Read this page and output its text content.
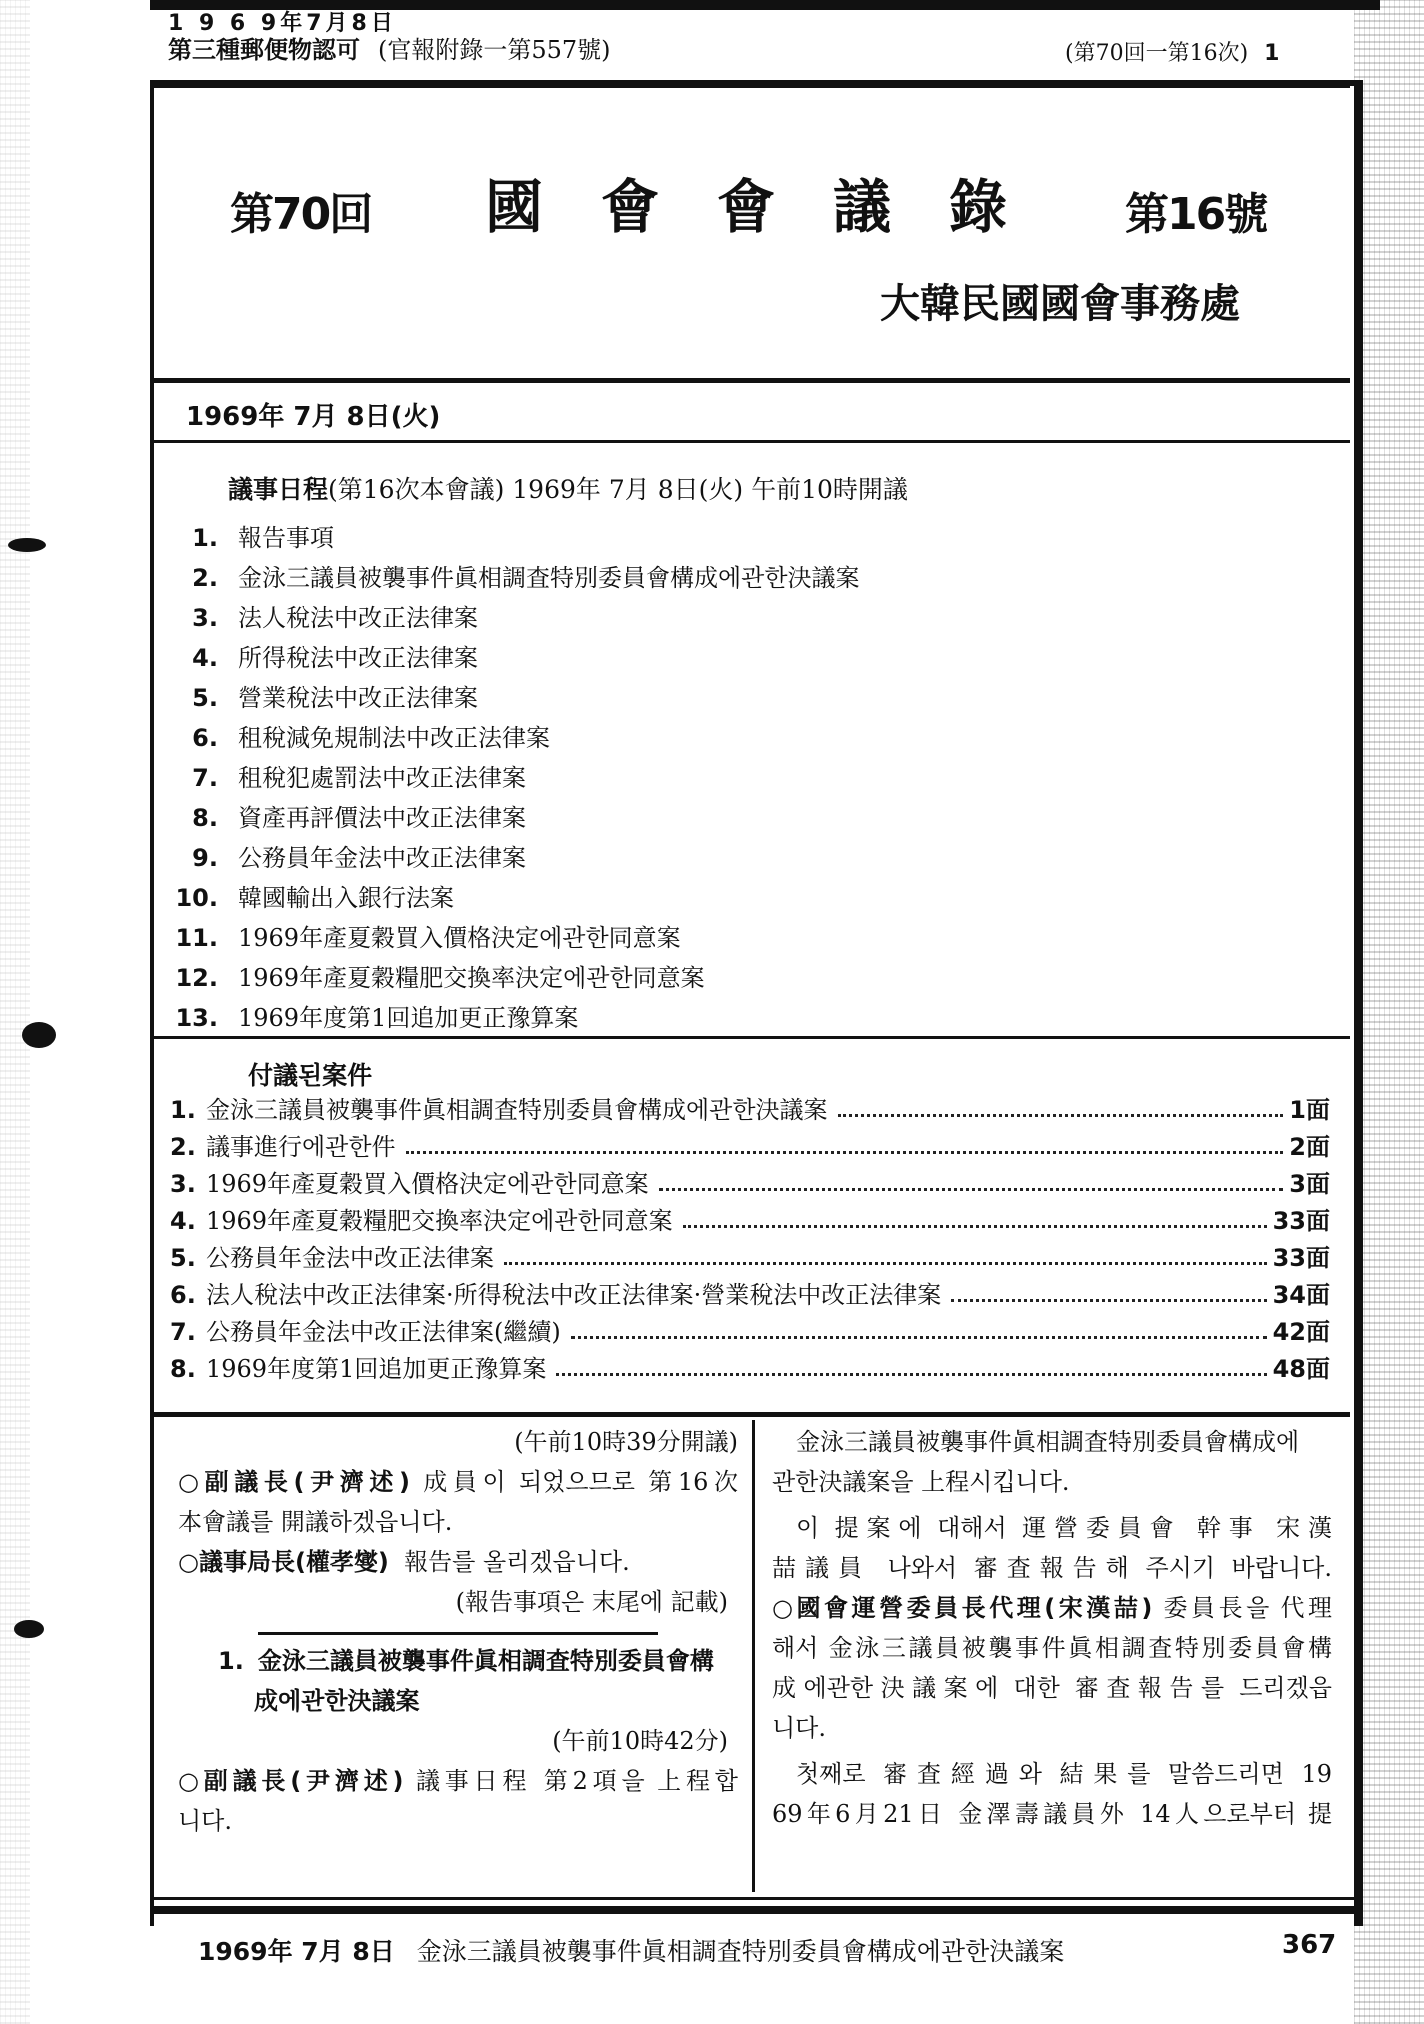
1 9 6 9年7月8日
第三種郵便物認可 (官報附錄一第557號)	(第70回一第16次) 1
第70回 國會會議錄 第16號
大韓民國國會事務處
1969年 7月 8日(火)
議事日程(第16次本會議) 1969年 7月 8日(火) 午前10時開議
1. 報告事項
2. 金泳三議員被襲事件眞相調査特別委員會構成에관한決議案
3. 法人稅法中改正法律案
4. 所得稅法中改正法律案
5. 營業稅法中改正法律案
6. 租稅減免規制法中改正法律案
7. 租稅犯處罰法中改正法律案
8. 資產再評價法中改正法律案
9. 公務員年金法中改正法律案
10. 韓國輸出入銀行法案
11. 1969年產夏穀買入價格決定에관한同意案
12. 1969年產夏穀糧肥交換率決定에관한同意案
13. 1969年度第1回追加更正豫算案
付議된案件
1. 金泳三議員被襲事件眞相調査特別委員會構成에관한決議案	1面
2. 議事進行에관한件	2面
3. 1969年產夏穀買入價格決定에관한同意案	3面
4. 1969年產夏穀糧肥交換率決定에관한同意案	33面
5. 公務員年金法中改正法律案	33面
6. 法人稅法中改正法律案·所得稅法中改正法律案·營業稅法中改正法律案	34面
7. 公務員年金法中改正法律案(繼續)	42面
8. 1969年度第1回追加更正豫算案	48面

(午前10時39分開議)

○副議長(尹濟述) 成員이 되었으므로 第16次

本會議를 開議하겠읍니다.

○議事局長(權孝燮) 報告를 올리겠읍니다.

(報告事項은 末尾에 記載)

1. 金泳三議員被襲事件眞相調査特別委員會構

成에관한決議案

(午前10時42分)

○副議長(尹濟述) 議事日程 第2項을 上程합

니다.

金泳三議員被襲事件眞相調査特別委員會構成에

관한決議案을 上程시킵니다.

이 提案에 대해서 運營委員會 幹事 宋漢

喆議員 나와서 審査報告해 주시기 바랍니다.

○國會運營委員長代理(宋漢喆) 委員長을 代理

해서 金泳三議員被襲事件眞相調査特別委員會構

成에관한決議案에 대한 審査報告를 드리겠읍

니다.

첫째로 審査經過와 結果를 말씀드리면 19

69年6月21日 金澤壽議員外 14人으로부터 提

1969年 7月 8日 金泳三議員被襲事件眞相調査特別委員會構成에관한決議案	367
